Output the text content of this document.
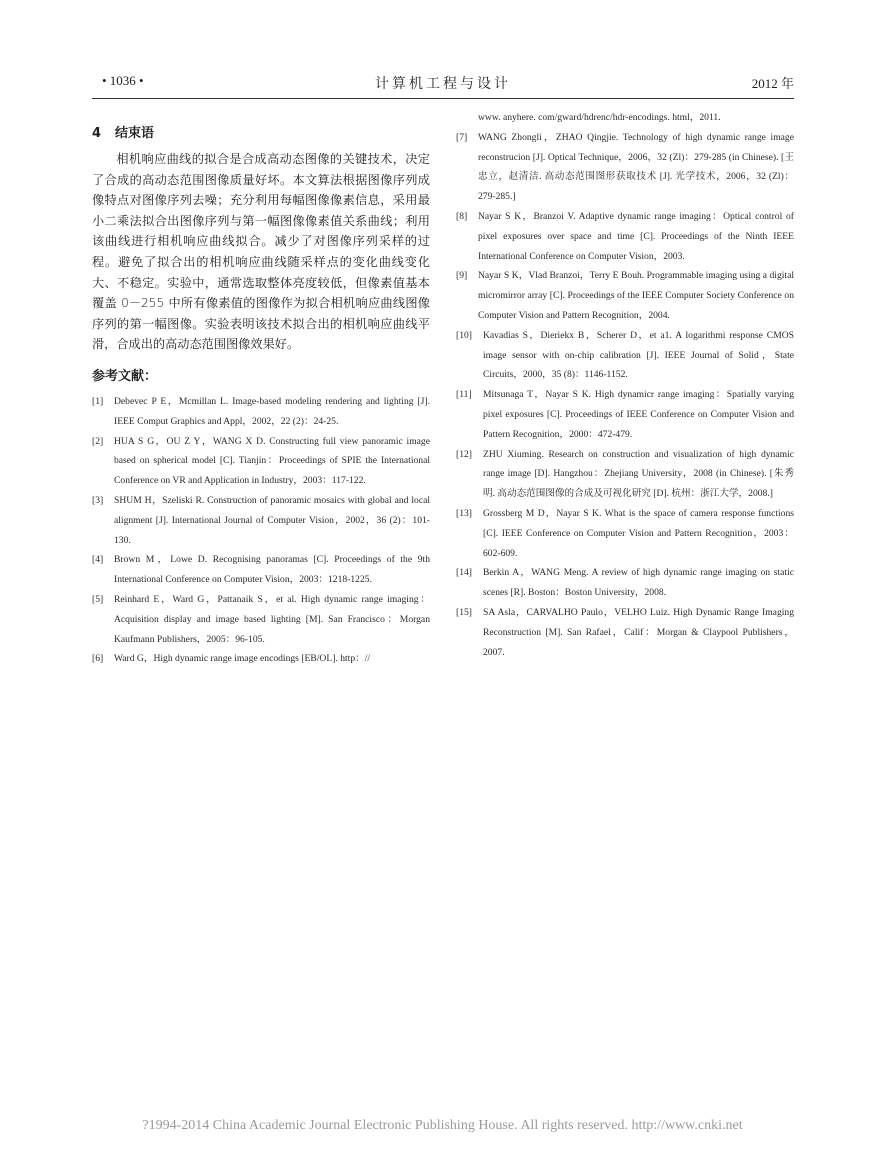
• 1036 •	计算机工程与设计	2012 年
4 结束语

相机响应曲线的拟合是合成高动态图像的关键技术，决定了合成的高动态范围图像质量好坏。本文算法根据图像序列成像特点对图像序列去噪；充分利用每幅图像像素信息，采用最小二乘法拟合出图像序列与第一幅图像像素值关系曲线；利用该曲线进行相机响应曲线拟合。减少了对图像序列采样的过程。避免了拟合出的相机响应曲线随采样点的变化曲线变化大、不稳定。实验中，通常选取整体亮度较低，但像素值基本覆盖 0－255 中所有像素值的图像作为拟合相机响应曲线图像序列的第一幅图像。实验表明该技术拟合出的相机响应曲线平滑，合成出的高动态范围图像效果好。

参考文献：
[1] Debevec P E，Mcmillan L. Image-based modeling rendering and lighting [J]. IEEE Comput Graphics and Appl，2002，22 (2)：24-25.
[2] HUA S G，OU Z Y，WANG X D. Constructing full view panoramic image based on spherical model [C]. Tianjin：Proceedings of SPIE the International Conference on VR and Application in Industry，2003：117-122.
[3] SHUM H，Szeliski R. Construction of panoramic mosaics with global and local alignment [J]. International Journal of Computer Vision，2002，36 (2)：101-130.
[4] Brown M，Lowe D. Recognising panoramas [C]. Proceedings of the 9th International Conference on Computer Vision，2003：1218-1225.
[5] Reinhard E，Ward G，Pattanaik S，et al. High dynamic range imaging：Acquisition display and image based lighting [M]. San Francisco：Morgan Kaufmann Publishers，2005：96-105.
[6] Ward G，High dynamic range image encodings [EB/OL]. http：//
www. anyhere. com/gward/hdrenc/hdr-encodings. html，2011.
[7] WANG Zhongli，ZHAO Qingjie. Technology of high dynamic range image reconstrucion [J]. Optical Technique，2006，32 (Zl)：279-285 (in Chinese). [王忠立，赵清洁. 高动态范围图形获取技术 [J]. 光学技术，2006，32 (Zl)：279-285.]
[8] Nayar S K，Branzoi V. Adaptive dynamic range imaging：Optical control of pixel exposures over space and time [C]. Proceedings of the Ninth IEEE International Conference on Computer Vision，2003.
[9] Nayar S K，Vlad Branzoi，Terry E Bouh. Programmable imaging using a digital micromirror array [C]. Proceedings of the IEEE Computer Society Conference on Computer Vision and Pattern Recognition，2004.
[10] Kavadias S，Dieriekx B，Scherer D，et a1. A logarithmi response CMOS image sensor with on-chip calibration [J]. IEEE Journal of Solid，State Circuits，2000，35 (8)：1146-1152.
[11] Mitsunaga T，Nayar S K. High dynamicr range imaging：Spatially varying pixel exposures [C]. Proceedings of IEEE Conference on Computer Vision and Pattern Recognition，2000：472-479.
[12] ZHU Xiuming. Research on construction and visualization of high dynamic range image [D]. Hangzhou：Zhejiang University，2008 (in Chinese). [朱秀明. 高动态范围图像的合成及可视化研究 [D]. 杭州：浙江大学，2008.]
[13] Grossberg M D，Nayar S K. What is the space of camera response functions [C]. IEEE Conference on Computer Vision and Pattern Recognition，2003：602-609.
[14] Berkin A，WANG Meng. A review of high dynamic range imaging on static scenes [R]. Boston：Boston University，2008.
[15] SA Asla，CARVALHO Paulo，VELHO Luiz. High Dynamic Range Imaging Reconstruction [M]. San Rafael，Calif：Morgan & Claypool Publishers，2007.
?1994-2014 China Academic Journal Electronic Publishing House. All rights reserved. http://www.cnki.net
